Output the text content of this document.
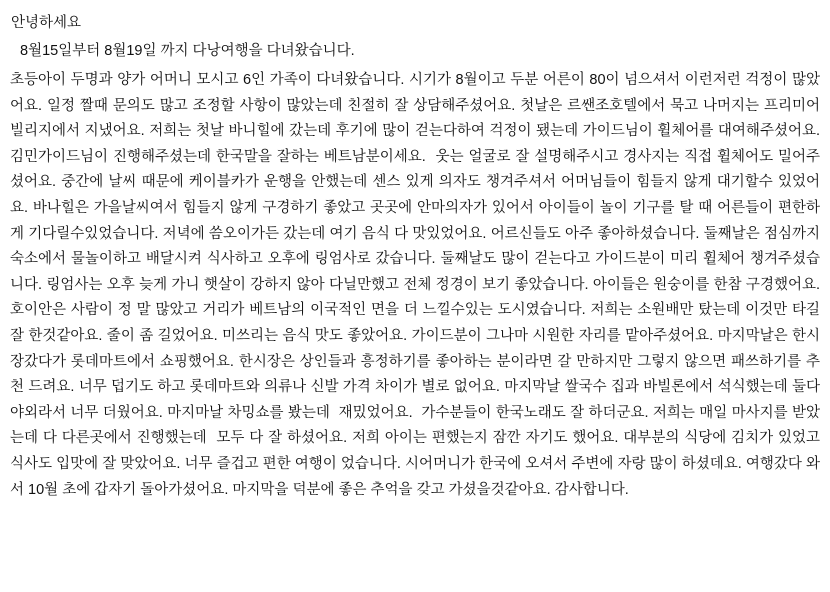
안녕하세요

8월15일부터 8월19일 까지 다낭여행을 다녀왔습니다.

초등아이 두명과 양가 어머니 모시고 6인 가족이 다녀왔습니다. 시기가 8월이고 두분 어른이 80이 넘으셔서 이런저런 걱정이 많았어요. 일정 짤때 문의도 많고 조정할 사항이 많았는데 친절히 잘 상담해주셨어요. 첫날은 르쌘조호텔에서 묵고 나머지는 프리미어빌리지에서 지냈어요. 저희는 첫날 바니힐에 갔는데 후기에 많이 걷는다하여 걱정이 됐는데 가이드님이 휠체어를 대여해주셨어요. 김민가이드님이 진행해주셨는데 한국말을 잘하는 베트남분이세요.  웃는 얼굴로 잘 설명해주시고 경사지는 직접 휠체어도 밀어주셨어요. 중간에 날씨 때문에 케이블카가 운행을 안했는데 센스 있게 의자도 챙겨주셔서 어머님들이 힘들지 않게 대기할수 있었어요. 바나힐은 가을날씨여서 힘들지 않게 구경하기 좋았고 곳곳에 안마의자가 있어서 아이들이 놀이 기구를 탈 때 어른들이 편한하게 기다릴수있었습니다. 저녁에 씀오이가든 갔는데 여기 음식 다 맛있었어요. 어르신들도 아주 좋아하셨습니다. 둘째날은 점심까지 숙소에서 물놀이하고 배달시켜 식사하고 오후에 링엄사로 갔습니다. 둘째날도 많이 걷는다고 가이드분이 미리 휠체어 챙겨주셨습니다. 링엄사는 오후 늦게 가니 햇살이 강하지 않아 다닐만했고 전체 정경이 보기 좋았습니다. 아이들은 원숭이를 한참 구경했어요. 호이안은 사람이 정 말 많았고 거리가 베트남의 이국적인 면을 더 느낄수있는 도시였습니다. 저희는 소원배만 탔는데 이것만 타길 잘 한것같아요. 줄이 좀 길었어요. 미쓰리는 음식 맛도 좋았어요. 가이드분이 그나마 시원한 자리를 맡아주셨어요. 마지막날은 한시장갔다가 롯데마트에서 쇼핑했어요. 한시장은 상인들과 흥정하기를 좋아하는 분이라면 갈 만하지만 그렇지 않으면 패쓰하기를 추천 드려요. 너무 덥기도 하고 롯데마트와 의류나 신발 가격 차이가 별로 없어요. 마지막날 쌀국수 집과 바빌론에서 석식했는데 둘다 야외라서 너무 더웠어요. 마지마날 차밍쇼를 봤는데  재밌었어요.  가수분들이 한국노래도 잘 하더군요. 저희는 매일 마사지를 받았는데 다 다른곳에서 진행했는데  모두 다 잘 하셨어요. 저희 아이는 편했는지 잠깐 자기도 했어요. 대부분의 식당에 김치가 있었고 식사도 입맛에 잘 맞았어요. 너무 즐겁고 편한 여행이 었습니다. 시어머니가 한국에 오셔서 주변에 자랑 많이 하셨데요. 여행갔다 와서 10월 초에 갑자기 돌아가셨어요. 마지막을 덕분에 좋은 추억을 갖고 가셨을것같아요. 감사합니다.
